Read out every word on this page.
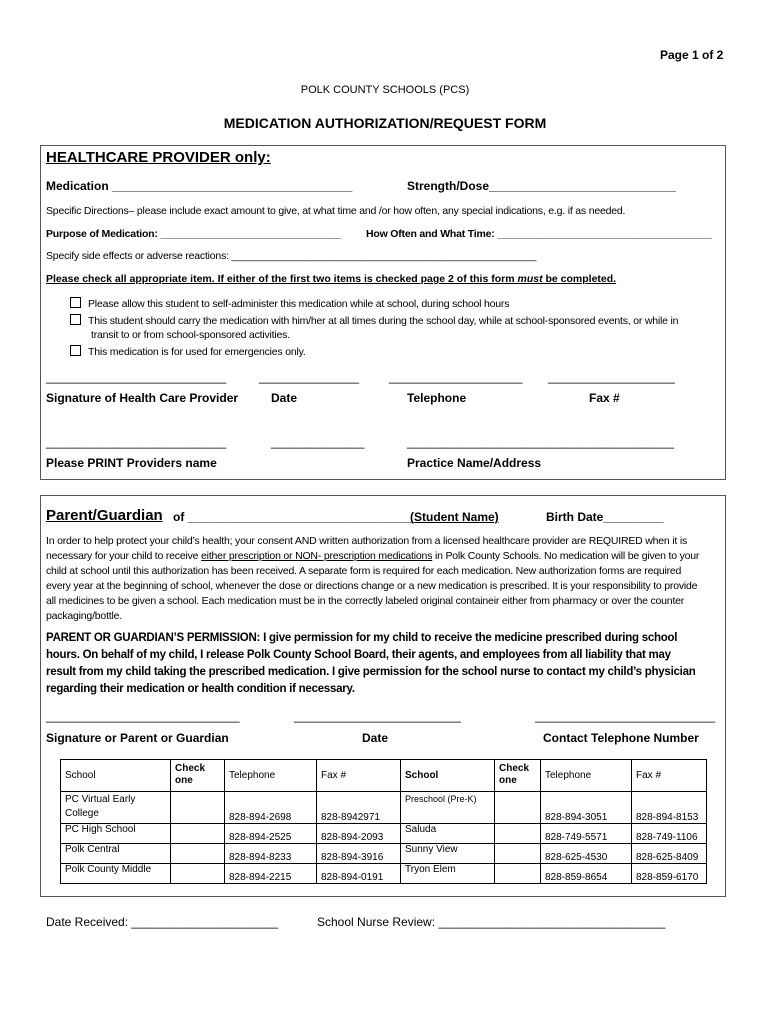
Page 1 of 2
POLK COUNTY SCHOOLS (PCS)
MEDICATION AUTHORIZATION/REQUEST FORM
HEALTHCARE PROVIDER only:
Medication ____________________________________	Strength/Dose____________________________
Specific Directions– please include exact amount to give, at what time and /or how often, any special indications, e.g. if as needed.
Purpose of Medication: ________________________________ How Often and What Time: ______________________________________
Specify side effects or adverse reactions: ______________________________________________________
Please check all appropriate item. If either of the first two items is checked page 2 of this form must be completed.
Please allow this student to self-administer this medication while at school, during school hours
This student should carry the medication with him/her at all times during the school day, while at school-sponsored events, or while in
transit to or from school-sponsored activities.
This medication is for used for emergencies only.
___________________________	_______________ ____________________ ___________________
Signature of Health Care Provider	Date	Telephone	Fax #
___________________________	______________	________________________________________
Please PRINT Providers name	Practice Name/Address
Parent/Guardian of ___________________________________
(Student Name)	Birth Date_________
In order to help protect your child’s health; your consent AND written authorization from a licensed healthcare provider are REQUIRED when it is
necessary for your child to receive either prescription or NON- prescription medications in Polk County Schools. No medication will be given to your
child at school until this authorization has been received. A separate form is required for each medication. New authorization forms are required
every year at the beginning of school, whenever the dose or directions change or a new medication is prescribed. It is your responsibility to provide
all medicines to be given a school. Each medication must be in the correctly labeled original containeir either from pharmacy or over the counter
packaging/bottle.
PARENT OR GUARDIAN’S PERMISSION: I give permission for my child to receive the medicine prescribed during school
hours. On behalf of my child, I release Polk County School Board, their agents, and employees from all liability that may
result from my child taking the prescribed medication. I give permission for the school nurse to contact my child’s physician
regarding their medication or health condition if necessary.
_____________________________	_________________________	___________________________
Signature or Parent or Guardian	Date	Contact Telephone Number
School	Check one	Telephone	Fax #	School	Check one	Telephone	Fax #
PC Virtual Early College		828-894-2698	828-8942971	Preschool (Pre-K)		828-894-3051	828-894-8153
PC High School		828-894-2525	828-894-2093	Saluda		828-749-5571	828-749-1106
Polk Central		828-894-8233	828-894-3916	Sunny View		828-625-4530	828-625-8409
Polk County Middle		828-894-2215	828-894-0191	Tryon Elem		828-859-8654	828-859-6170
Date Received: ______________________	School Nurse Review: __________________________________
